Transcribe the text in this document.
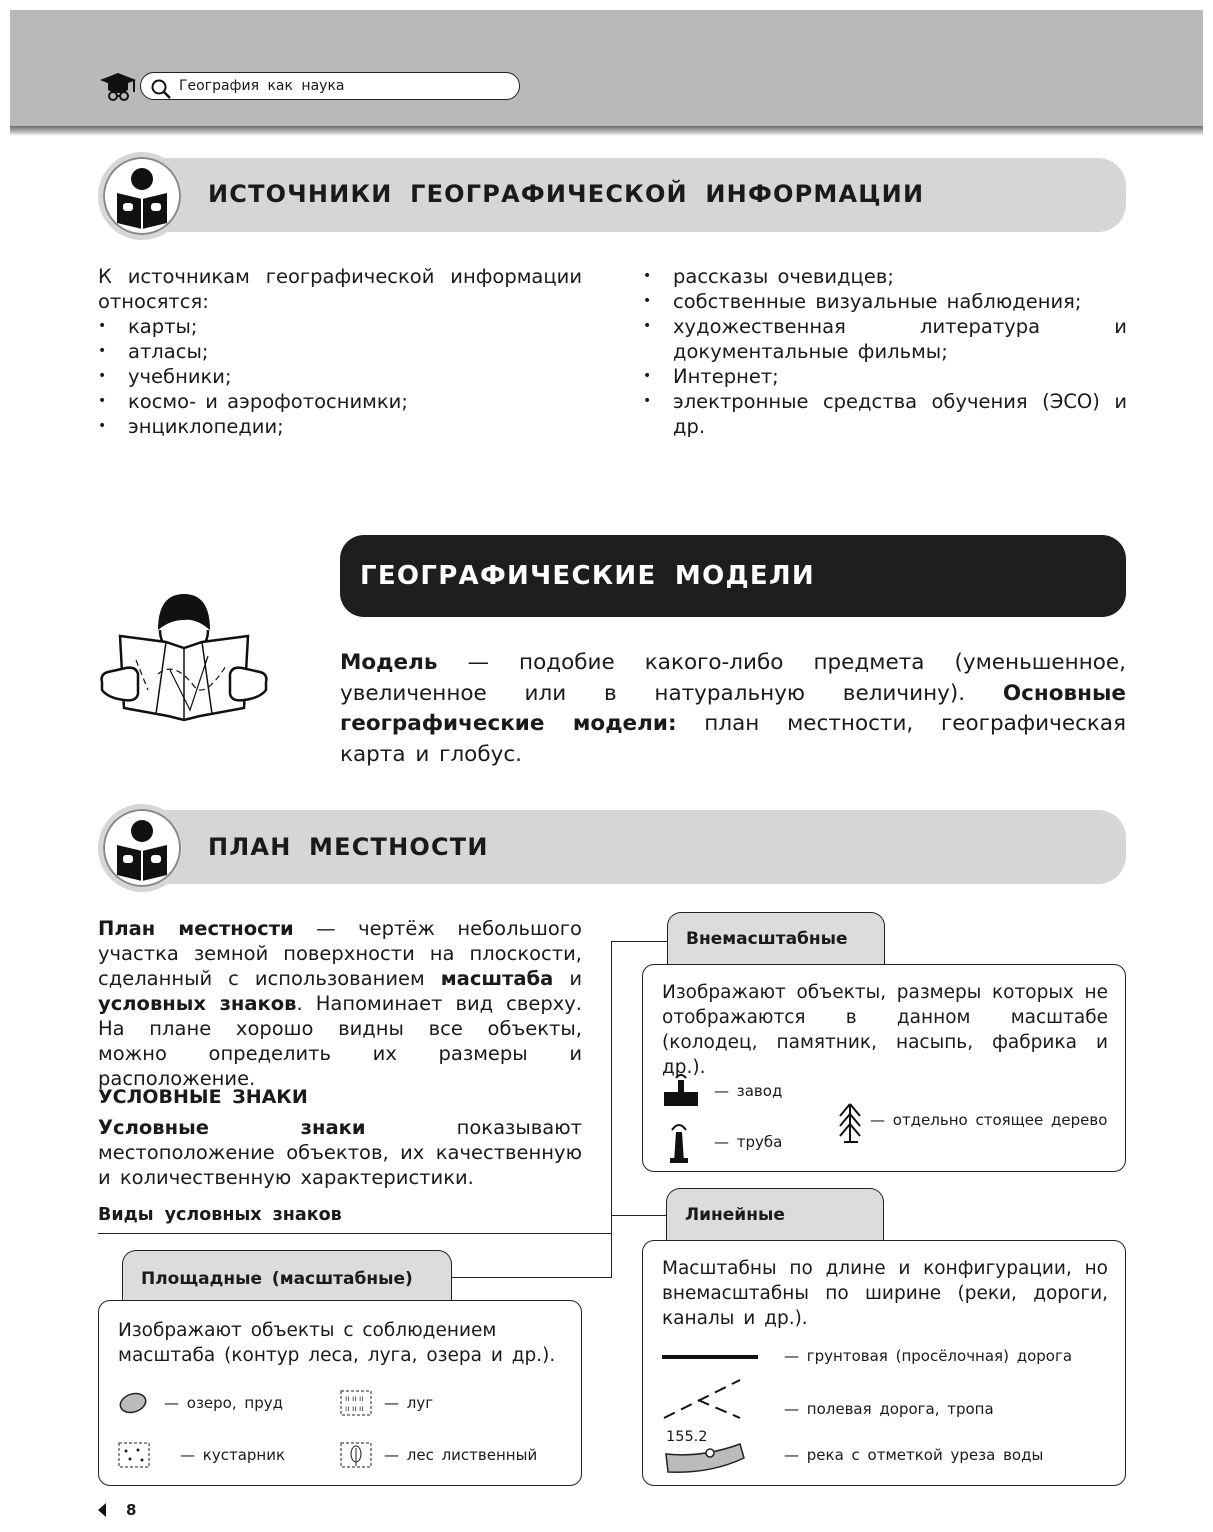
География как наука
ИСТОЧНИКИ ГЕОГРАФИЧЕСКОЙ ИНФОРМАЦИИ
К источникам географической информации относятся:
• карты;
• атласы;
• учебники;
• космо- и аэрофотоснимки;
• энциклопедии;
• рассказы очевидцев;
• собственные визуальные наблюдения;
• художественная литература и документальные фильмы;
• Интернет;
• электронные средства обучения (ЭСО) и др.
ГЕОГРАФИЧЕСКИЕ МОДЕЛИ
Модель — подобие какого-либо предмета (уменьшенное, увеличенное или в натуральную величину). Основные географические модели: план местности, географическая карта и глобус.
ПЛАН МЕСТНОСТИ
План местности — чертёж небольшого участка земной поверхности на плоскости, сделанный с использованием масштаба и условных знаков. Напоминает вид сверху. На плане хорошо видны все объекты, можно определить их размеры и расположение.
УСЛОВНЫЕ ЗНАКИ
Условные знаки показывают местоположение объектов, их качественную и количественную характеристики.
Виды условных знаков
Площадные (масштабные)
Изображают объекты с соблюдением масштаба (контур леса, луга, озера и др.).
— озеро, пруд	ıı ıı ıı
ıı ıı ıı — луг
— кустарник	— лес лиственный
Внемасштабные
Изображают объекты, размеры которых не отображаются в данном масштабе (колодец, памятник, насыпь, фабрика и др.).
— завод
— труба
— отдельно стоящее дерево
Линейные
Масштабны по длине и конфигурации, но внемасштабны по ширине (реки, дороги, каналы и др.).
— грунтовая (просёлочная) дорога
— полевая дорога, тропа
155.2
— река с отметкой уреза воды
8
